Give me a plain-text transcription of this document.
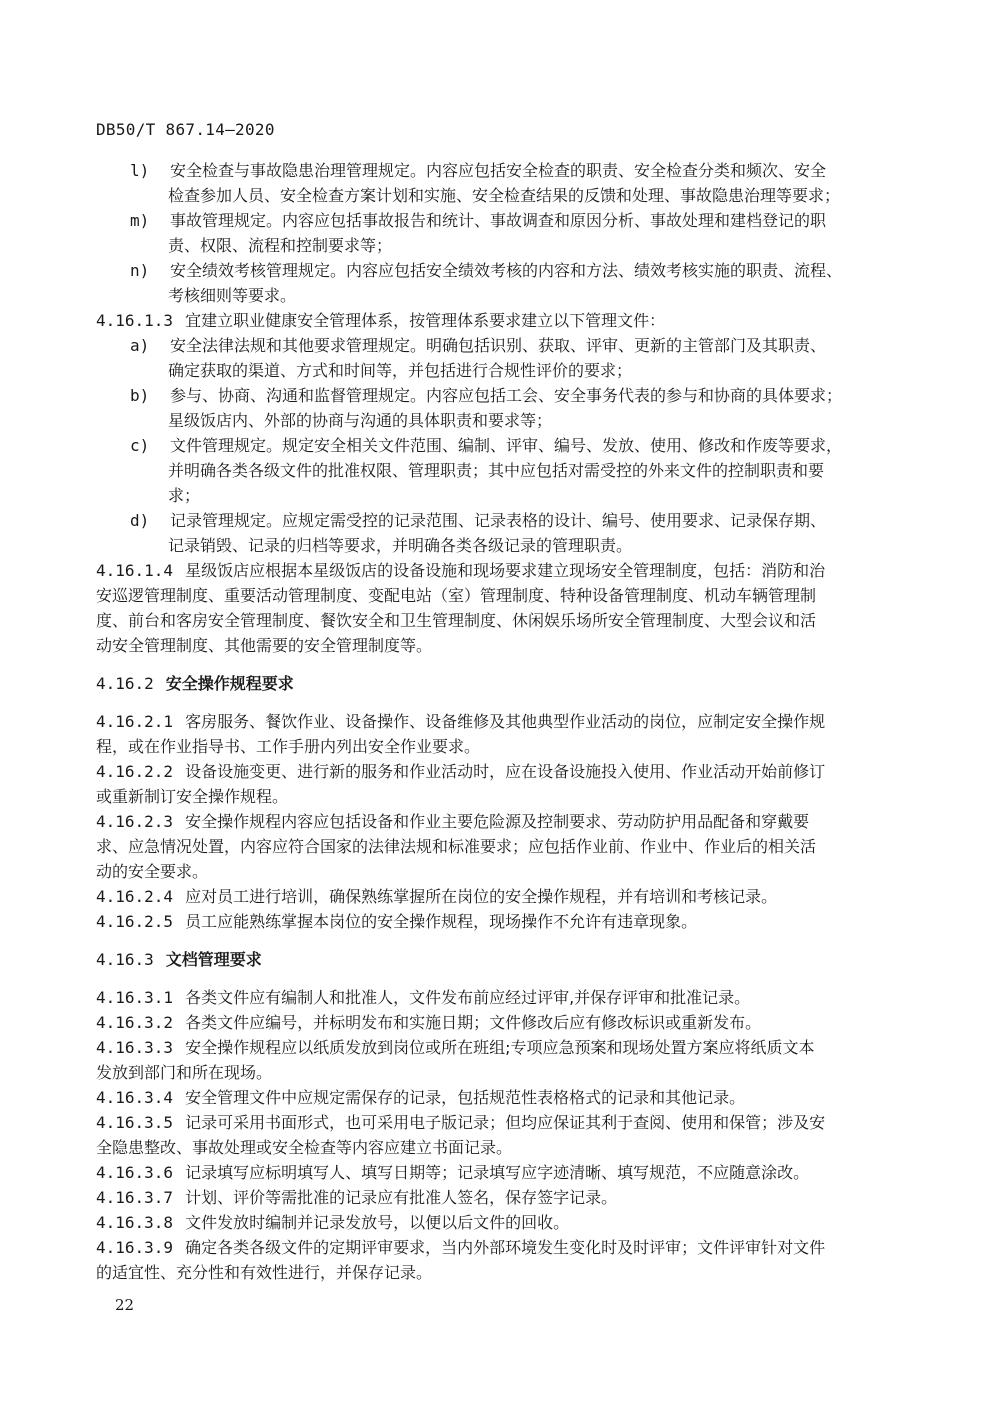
DB50/T 867.14—2020
l) 安全检查与事故隐患治理管理规定。内容应包括安全检查的职责、安全检查分类和频次、安全
检查参加人员、安全检查方案计划和实施、安全检查结果的反馈和处理、事故隐患治理等要求；
m) 事故管理规定。内容应包括事故报告和统计、事故调查和原因分析、事故处理和建档登记的职
责、权限、流程和控制要求等；
n) 安全绩效考核管理规定。内容应包括安全绩效考核的内容和方法、绩效考核实施的职责、流程、
考核细则等要求。
4.16.1.3 宜建立职业健康安全管理体系，按管理体系要求建立以下管理文件：
a) 安全法律法规和其他要求管理规定。明确包括识别、获取、评审、更新的主管部门及其职责、
确定获取的渠道、方式和时间等，并包括进行合规性评价的要求；
b) 参与、协商、沟通和监督管理规定。内容应包括工会、安全事务代表的参与和协商的具体要求；
星级饭店内、外部的协商与沟通的具体职责和要求等；
c) 文件管理规定。规定安全相关文件范围、编制、评审、编号、发放、使用、修改和作废等要求，
并明确各类各级文件的批准权限、管理职责；其中应包括对需受控的外来文件的控制职责和要
求；
d) 记录管理规定。应规定需受控的记录范围、记录表格的设计、编号、使用要求、记录保存期、
记录销毁、记录的归档等要求，并明确各类各级记录的管理职责。
4.16.1.4 星级饭店应根据本星级饭店的设备设施和现场要求建立现场安全管理制度，包括：消防和治
安巡逻管理制度、重要活动管理制度、变配电站（室）管理制度、特种设备管理制度、机动车辆管理制
度、前台和客房安全管理制度、餐饮安全和卫生管理制度、休闲娱乐场所安全管理制度、大型会议和活
动安全管理制度、其他需要的安全管理制度等。
4.16.2 安全操作规程要求
4.16.2.1 客房服务、餐饮作业、设备操作、设备维修及其他典型作业活动的岗位，应制定安全操作规
程，或在作业指导书、工作手册内列出安全作业要求。
4.16.2.2 设备设施变更、进行新的服务和作业活动时，应在设备设施投入使用、作业活动开始前修订
或重新制订安全操作规程。
4.16.2.3 安全操作规程内容应包括设备和作业主要危险源及控制要求、劳动防护用品配备和穿戴要
求、应急情况处置，内容应符合国家的法律法规和标准要求；应包括作业前、作业中、作业后的相关活
动的安全要求。
4.16.2.4 应对员工进行培训，确保熟练掌握所在岗位的安全操作规程，并有培训和考核记录。
4.16.2.5 员工应能熟练掌握本岗位的安全操作规程，现场操作不允许有违章现象。
4.16.3 文档管理要求
4.16.3.1 各类文件应有编制人和批准人，文件发布前应经过评审,并保存评审和批准记录。
4.16.3.2 各类文件应编号，并标明发布和实施日期；文件修改后应有修改标识或重新发布。
4.16.3.3 安全操作规程应以纸质发放到岗位或所在班组;专项应急预案和现场处置方案应将纸质文本
发放到部门和所在现场。
4.16.3.4 安全管理文件中应规定需保存的记录，包括规范性表格格式的记录和其他记录。
4.16.3.5 记录可采用书面形式，也可采用电子版记录；但均应保证其利于查阅、使用和保管；涉及安
全隐患整改、事故处理或安全检查等内容应建立书面记录。
4.16.3.6 记录填写应标明填写人、填写日期等；记录填写应字迹清晰、填写规范，不应随意涂改。
4.16.3.7 计划、评价等需批准的记录应有批准人签名，保存签字记录。
4.16.3.8 文件发放时编制并记录发放号，以便以后文件的回收。
4.16.3.9 确定各类各级文件的定期评审要求，当内外部环境发生变化时及时评审；文件评审针对文件
的适宜性、充分性和有效性进行，并保存记录。
22
